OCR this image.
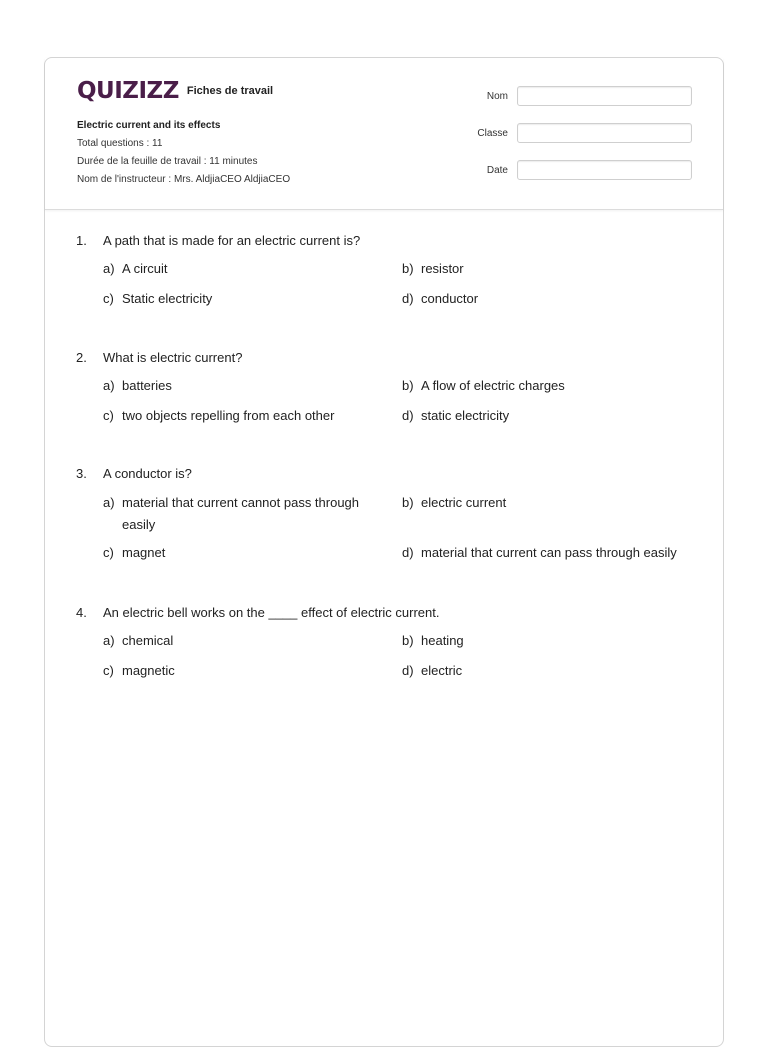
QUIZIZZ Fiches de travail
Electric current and its effects
Total questions : 11
Durée de la feuille de travail : 11 minutes
Nom de l'instructeur : Mrs. AldjiaCEO AldjiaCEO
Nom
Classe
Date
1. A path that is made for an electric current is?
a) A circuit	b) resistor
c) Static electricity	d) conductor
2. What is electric current?
a) batteries	b) A flow of electric charges
c) two objects repelling from each other	d) static electricity
3. A conductor is?
a) material that current cannot pass through easily
b) electric current
c) magnet	d) material that current can pass through easily
4. An electric bell works on the ____ effect of electric current.
a) chemical	b) heating
c) magnetic	d) electric
